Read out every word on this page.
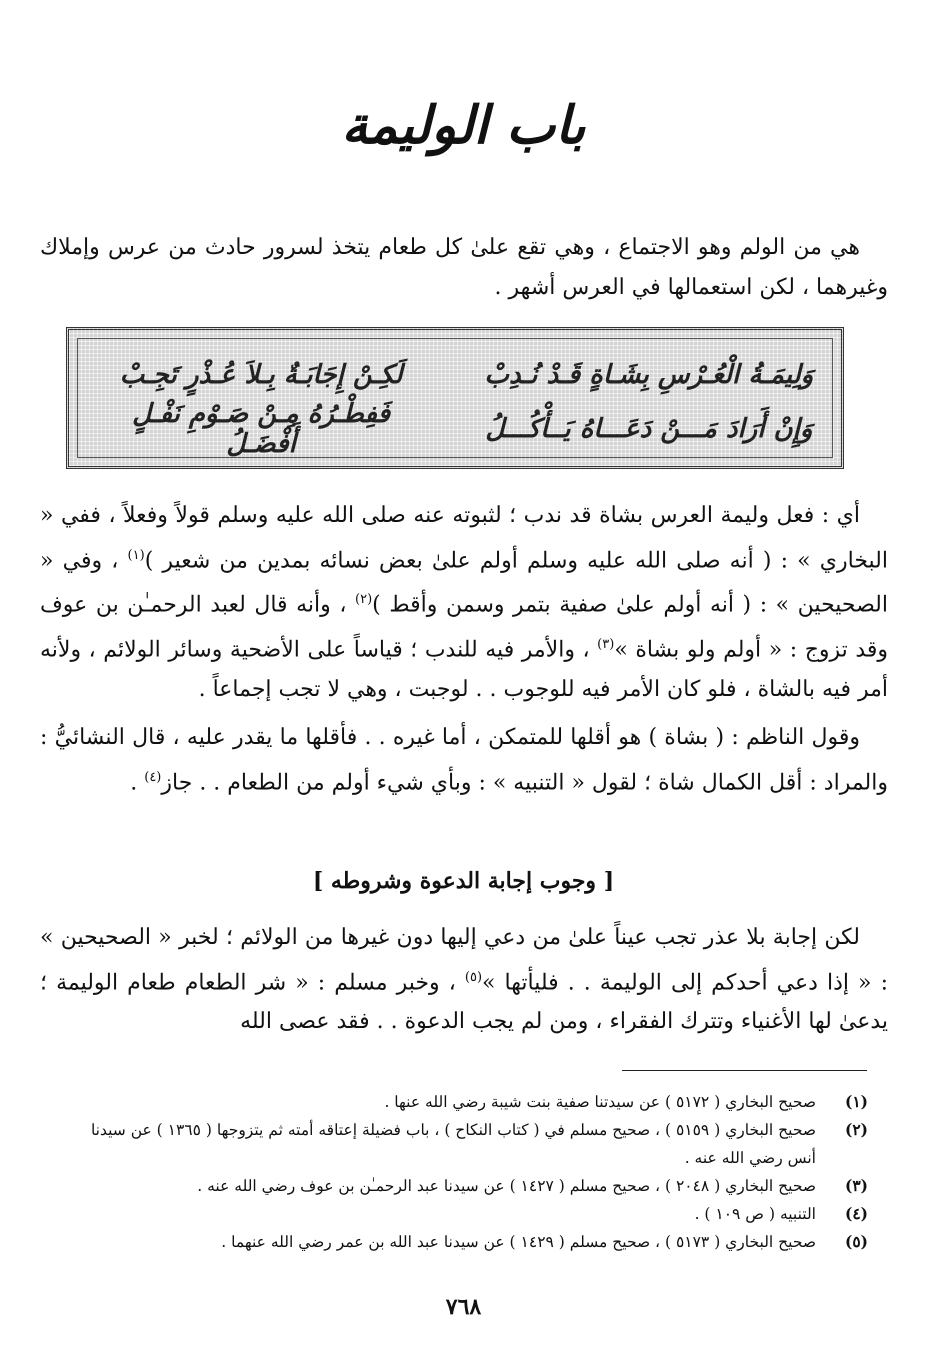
باب الوليمة

هي من الولم وهو الاجتماع ، وهي تقع علىٰ كل طعام يتخذ لسرور حادث من عرس وإملاك وغيرهما ، لكن استعمالها في العرس أشهر .

وَلِيمَـةُ الْعُـرْسِ بِشَـاةٍ قَـدْ نُـدِبْ
لَكِـنْ إِجَابَـةٌ بِـلاَ عُـذْرٍ تَجِـبْ
وَإِنْ أَرَادَ مَـــنْ دَعَـــاهُ يَــأْكُـــلُ
فَفِطْـرُهُ مِـنْ صَـوْمِ نَفْـلٍ أَفْضَـلُ

أي : فعل وليمة العرس بشاة قد ندب ؛ لثبوته عنه صلى الله عليه وسلم قولاً وفعلاً ، ففي « البخاري » : ( أنه صلى الله عليه وسلم أولم علىٰ بعض نسائه بمدين من شعير )$^{(١)}$ ، وفي « الصحيحين » : ( أنه أولم علىٰ صفية بتمر وسمن وأقط )$^{(٢)}$ ، وأنه قال لعبد الرحمـٰن بن عوف وقد تزوج : « أولم ولو بشاة »$^{(٣)}$ ، والأمر فيه للندب ؛ قياساً على الأضحية وسائر الولائم ، ولأنه أمر فيه بالشاة ، فلو كان الأمر فيه للوجوب . . لوجبت ، وهي لا تجب إجماعاً .

وقول الناظم : ( بشاة ) هو أقلها للمتمكن ، أما غيره . . فأقلها ما يقدر عليه ، قال النشائيُّ : والمراد : أقل الكمال شاة ؛ لقول « التنبيه » : وبأي شيء أولم من الطعام . . جاز$^{(٤)}$ .

[ وجوب إجابة الدعوة وشروطه ]

لكن إجابة بلا عذر تجب عيناً علىٰ من دعي إليها دون غيرها من الولائم ؛ لخبر « الصحيحين » : « إذا دعي أحدكم إلى الوليمة . . فليأتها »$^{(٥)}$ ، وخبر مسلم : « شر الطعام طعام الوليمة ؛ يدعىٰ لها الأغنياء وتترك الفقراء ، ومن لم يجب الدعوة . . فقد عصى الله

(١)
صحيح البخاري ( ٥١٧٢ ) عن سيدتنا صفية بنت شيبة رضي الله عنها .
(٢)
صحيح البخاري ( ٥١٥٩ ) ، صحيح مسلم في ( كتاب النكاح ) ، باب فضيلة إعتاقه أمته ثم يتزوجها ( ١٣٦٥ ) عن سيدنا
أنس رضي الله عنه .
(٣)
صحيح البخاري ( ٢٠٤٨ ) ، صحيح مسلم ( ١٤٢٧ ) عن سيدنا عبد الرحمـٰن بن عوف رضي الله عنه .
(٤)
التنبيه ( ص ١٠٩ ) .
(٥)
صحيح البخاري ( ٥١٧٣ ) ، صحيح مسلم ( ١٤٢٩ ) عن سيدنا عبد الله بن عمر رضي الله عنهما .
٧٦٨
